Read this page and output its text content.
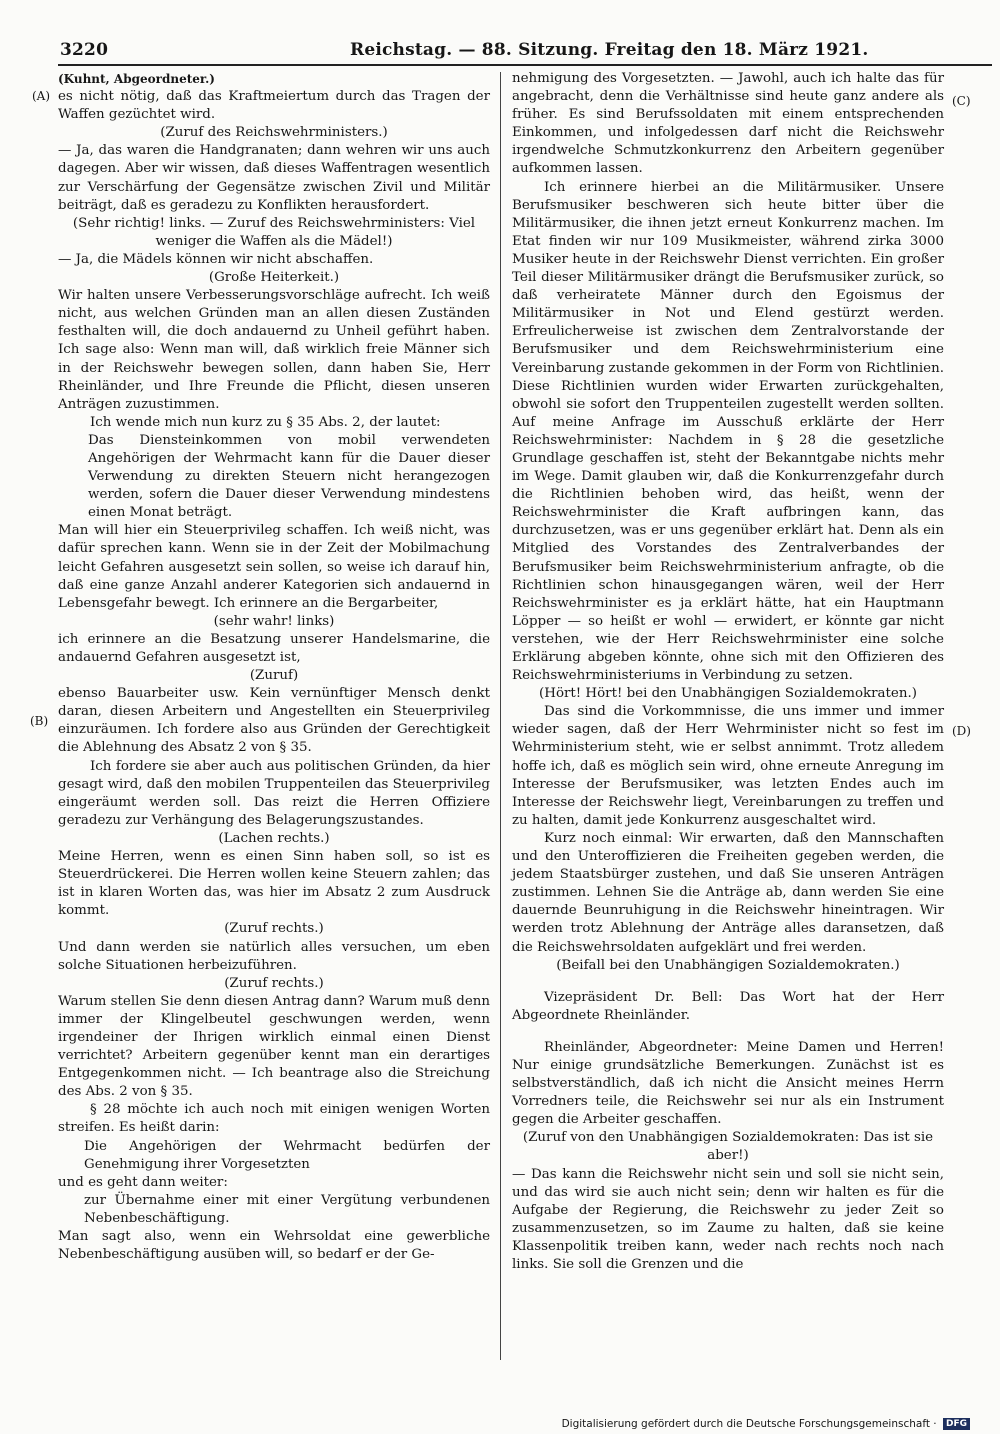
3220	Reichstag. — 88. Sitzung. Freitag den 18. März 1921.
(A)
(B)
(C)
(D)

(Kuhnt, Abgeordneter.)

es nicht nötig, daß das Kraftmeiertum durch das Tragen der Waffen gezüchtet wird.

(Zuruf des Reichswehrministers.)

— Ja, das waren die Handgranaten; dann wehren wir uns auch dagegen. Aber wir wissen, daß dieses Waffentragen wesentlich zur Verschärfung der Gegensätze zwischen Zivil und Militär beiträgt, daß es geradezu zu Konflikten herausfordert.

(Sehr richtig! links. — Zuruf des Reichswehrministers: Viel weniger die Waffen als die Mädel!)

— Ja, die Mädels können wir nicht abschaffen.

(Große Heiterkeit.)

Wir halten unsere Verbesserungsvorschläge aufrecht. Ich weiß nicht, aus welchen Gründen man an allen diesen Zuständen festhalten will, die doch andauernd zu Unheil geführt haben. Ich sage also: Wenn man will, daß wirklich freie Männer sich in der Reichswehr bewegen sollen, dann haben Sie, Herr Rheinländer, und Ihre Freunde die Pflicht, diesen unseren Anträgen zuzustimmen.

Ich wende mich nun kurz zu § 35 Abs. 2, der lautet:

Das Diensteinkommen von mobil verwendeten Angehörigen der Wehrmacht kann für die Dauer dieser Verwendung zu direkten Steuern nicht herangezogen werden, sofern die Dauer dieser Verwendung mindestens einen Monat beträgt.

Man will hier ein Steuerprivileg schaffen. Ich weiß nicht, was dafür sprechen kann. Wenn sie in der Zeit der Mobilmachung leicht Gefahren ausgesetzt sein sollen, so weise ich darauf hin, daß eine ganze Anzahl anderer Kategorien sich andauernd in Lebensgefahr bewegt. Ich erinnere an die Bergarbeiter,

(sehr wahr! links)

ich erinnere an die Besatzung unserer Handelsmarine, die andauernd Gefahren ausgesetzt ist,

(Zuruf)

ebenso Bauarbeiter usw. Kein vernünftiger Mensch denkt daran, diesen Arbeitern und Angestellten ein Steuerprivileg einzuräumen. Ich fordere also aus Gründen der Gerechtigkeit die Ablehnung des Absatz 2 von § 35.

Ich fordere sie aber auch aus politischen Gründen, da hier gesagt wird, daß den mobilen Truppenteilen das Steuerprivileg eingeräumt werden soll. Das reizt die Herren Offiziere geradezu zur Verhängung des Belagerungszustandes.

(Lachen rechts.)

Meine Herren, wenn es einen Sinn haben soll, so ist es Steuerdrückerei. Die Herren wollen keine Steuern zahlen; das ist in klaren Worten das, was hier im Absatz 2 zum Ausdruck kommt.

(Zuruf rechts.)

Und dann werden sie natürlich alles versuchen, um eben solche Situationen herbeizuführen.

(Zuruf rechts.)

Warum stellen Sie denn diesen Antrag dann? Warum muß denn immer der Klingelbeutel geschwungen werden, wenn irgendeiner der Ihrigen wirklich einmal einen Dienst verrichtet? Arbeitern gegenüber kennt man ein derartiges Entgegenkommen nicht. — Ich beantrage also die Streichung des Abs. 2 von § 35.

§ 28 möchte ich auch noch mit einigen wenigen Worten streifen. Es heißt darin:

Die Angehörigen der Wehrmacht bedürfen der Genehmigung ihrer Vorgesetzten

und es geht dann weiter:

zur Übernahme einer mit einer Vergütung verbundenen Nebenbeschäftigung.

Man sagt also, wenn ein Wehrsoldat eine gewerbliche Nebenbeschäftigung ausüben will, so bedarf er der Ge-

nehmigung des Vorgesetzten. — Jawohl, auch ich halte das für angebracht, denn die Verhältnisse sind heute ganz andere als früher. Es sind Berufssoldaten mit einem entsprechenden Einkommen, und infolgedessen darf nicht die Reichswehr irgendwelche Schmutzkonkurrenz den Arbeitern gegenüber aufkommen lassen.

Ich erinnere hierbei an die Militärmusiker. Unsere Berufsmusiker beschweren sich heute bitter über die Militärmusiker, die ihnen jetzt erneut Konkurrenz machen. Im Etat finden wir nur 109 Musikmeister, während zirka 3000 Musiker heute in der Reichswehr Dienst verrichten. Ein großer Teil dieser Militärmusiker drängt die Berufsmusiker zurück, so daß verheiratete Männer durch den Egoismus der Militärmusiker in Not und Elend gestürzt werden. Erfreulicherweise ist zwischen dem Zentralvorstande der Berufsmusiker und dem Reichswehrministerium eine Vereinbarung zustande gekommen in der Form von Richtlinien. Diese Richtlinien wurden wider Erwarten zurückgehalten, obwohl sie sofort den Truppenteilen zugestellt werden sollten. Auf meine Anfrage im Ausschuß erklärte der Herr Reichswehrminister: Nachdem in § 28 die gesetzliche Grundlage geschaffen ist, steht der Bekanntgabe nichts mehr im Wege. Damit glauben wir, daß die Konkurrenzgefahr durch die Richtlinien behoben wird, das heißt, wenn der Reichswehrminister die Kraft aufbringen kann, das durchzusetzen, was er uns gegenüber erklärt hat. Denn als ein Mitglied des Vorstandes des Zentralverbandes der Berufsmusiker beim Reichswehrministerium anfragte, ob die Richtlinien schon hinausgegangen wären, weil der Herr Reichswehrminister es ja erklärt hätte, hat ein Hauptmann Löpper — so heißt er wohl — erwidert, er könnte gar nicht verstehen, wie der Herr Reichswehrminister eine solche Erklärung abgeben könnte, ohne sich mit den Offizieren des Reichswehrministeriums in Verbindung zu setzen.

(Hört! Hört! bei den Unabhängigen Sozialdemokraten.)

Das sind die Vorkommnisse, die uns immer und immer wieder sagen, daß der Herr Wehrminister nicht so fest im Wehrministerium steht, wie er selbst annimmt. Trotz alledem hoffe ich, daß es möglich sein wird, ohne erneute Anregung im Interesse der Berufsmusiker, was letzten Endes auch im Interesse der Reichswehr liegt, Vereinbarungen zu treffen und zu halten, damit jede Konkurrenz ausgeschaltet wird.

Kurz noch einmal: Wir erwarten, daß den Mannschaften und den Unteroffizieren die Freiheiten gegeben werden, die jedem Staatsbürger zustehen, und daß Sie unseren Anträgen zustimmen. Lehnen Sie die Anträge ab, dann werden Sie eine dauernde Beunruhigung in die Reichswehr hineintragen. Wir werden trotz Ablehnung der Anträge alles daransetzen, daß die Reichswehrsoldaten aufgeklärt und frei werden.

(Beifall bei den Unabhängigen Sozialdemokraten.)

Vizepräsident Dr. Bell: Das Wort hat der Herr Abgeordnete Rheinländer.

Rheinländer, Abgeordneter: Meine Damen und Herren! Nur einige grundsätzliche Bemerkungen. Zunächst ist es selbstverständlich, daß ich nicht die Ansicht meines Herrn Vorredners teile, die Reichswehr sei nur als ein Instrument gegen die Arbeiter geschaffen.

(Zuruf von den Unabhängigen Sozialdemokraten: Das ist sie aber!)

— Das kann die Reichswehr nicht sein und soll sie nicht sein, und das wird sie auch nicht sein; denn wir halten es für die Aufgabe der Regierung, die Reichswehr zu jeder Zeit so zusammenzusetzen, so im Zaume zu halten, daß sie keine Klassenpolitik treiben kann, weder nach rechts noch nach links. Sie soll die Grenzen und die

Digitalisierung gefördert durch die Deutsche Forschungsgemeinschaft · DFG
